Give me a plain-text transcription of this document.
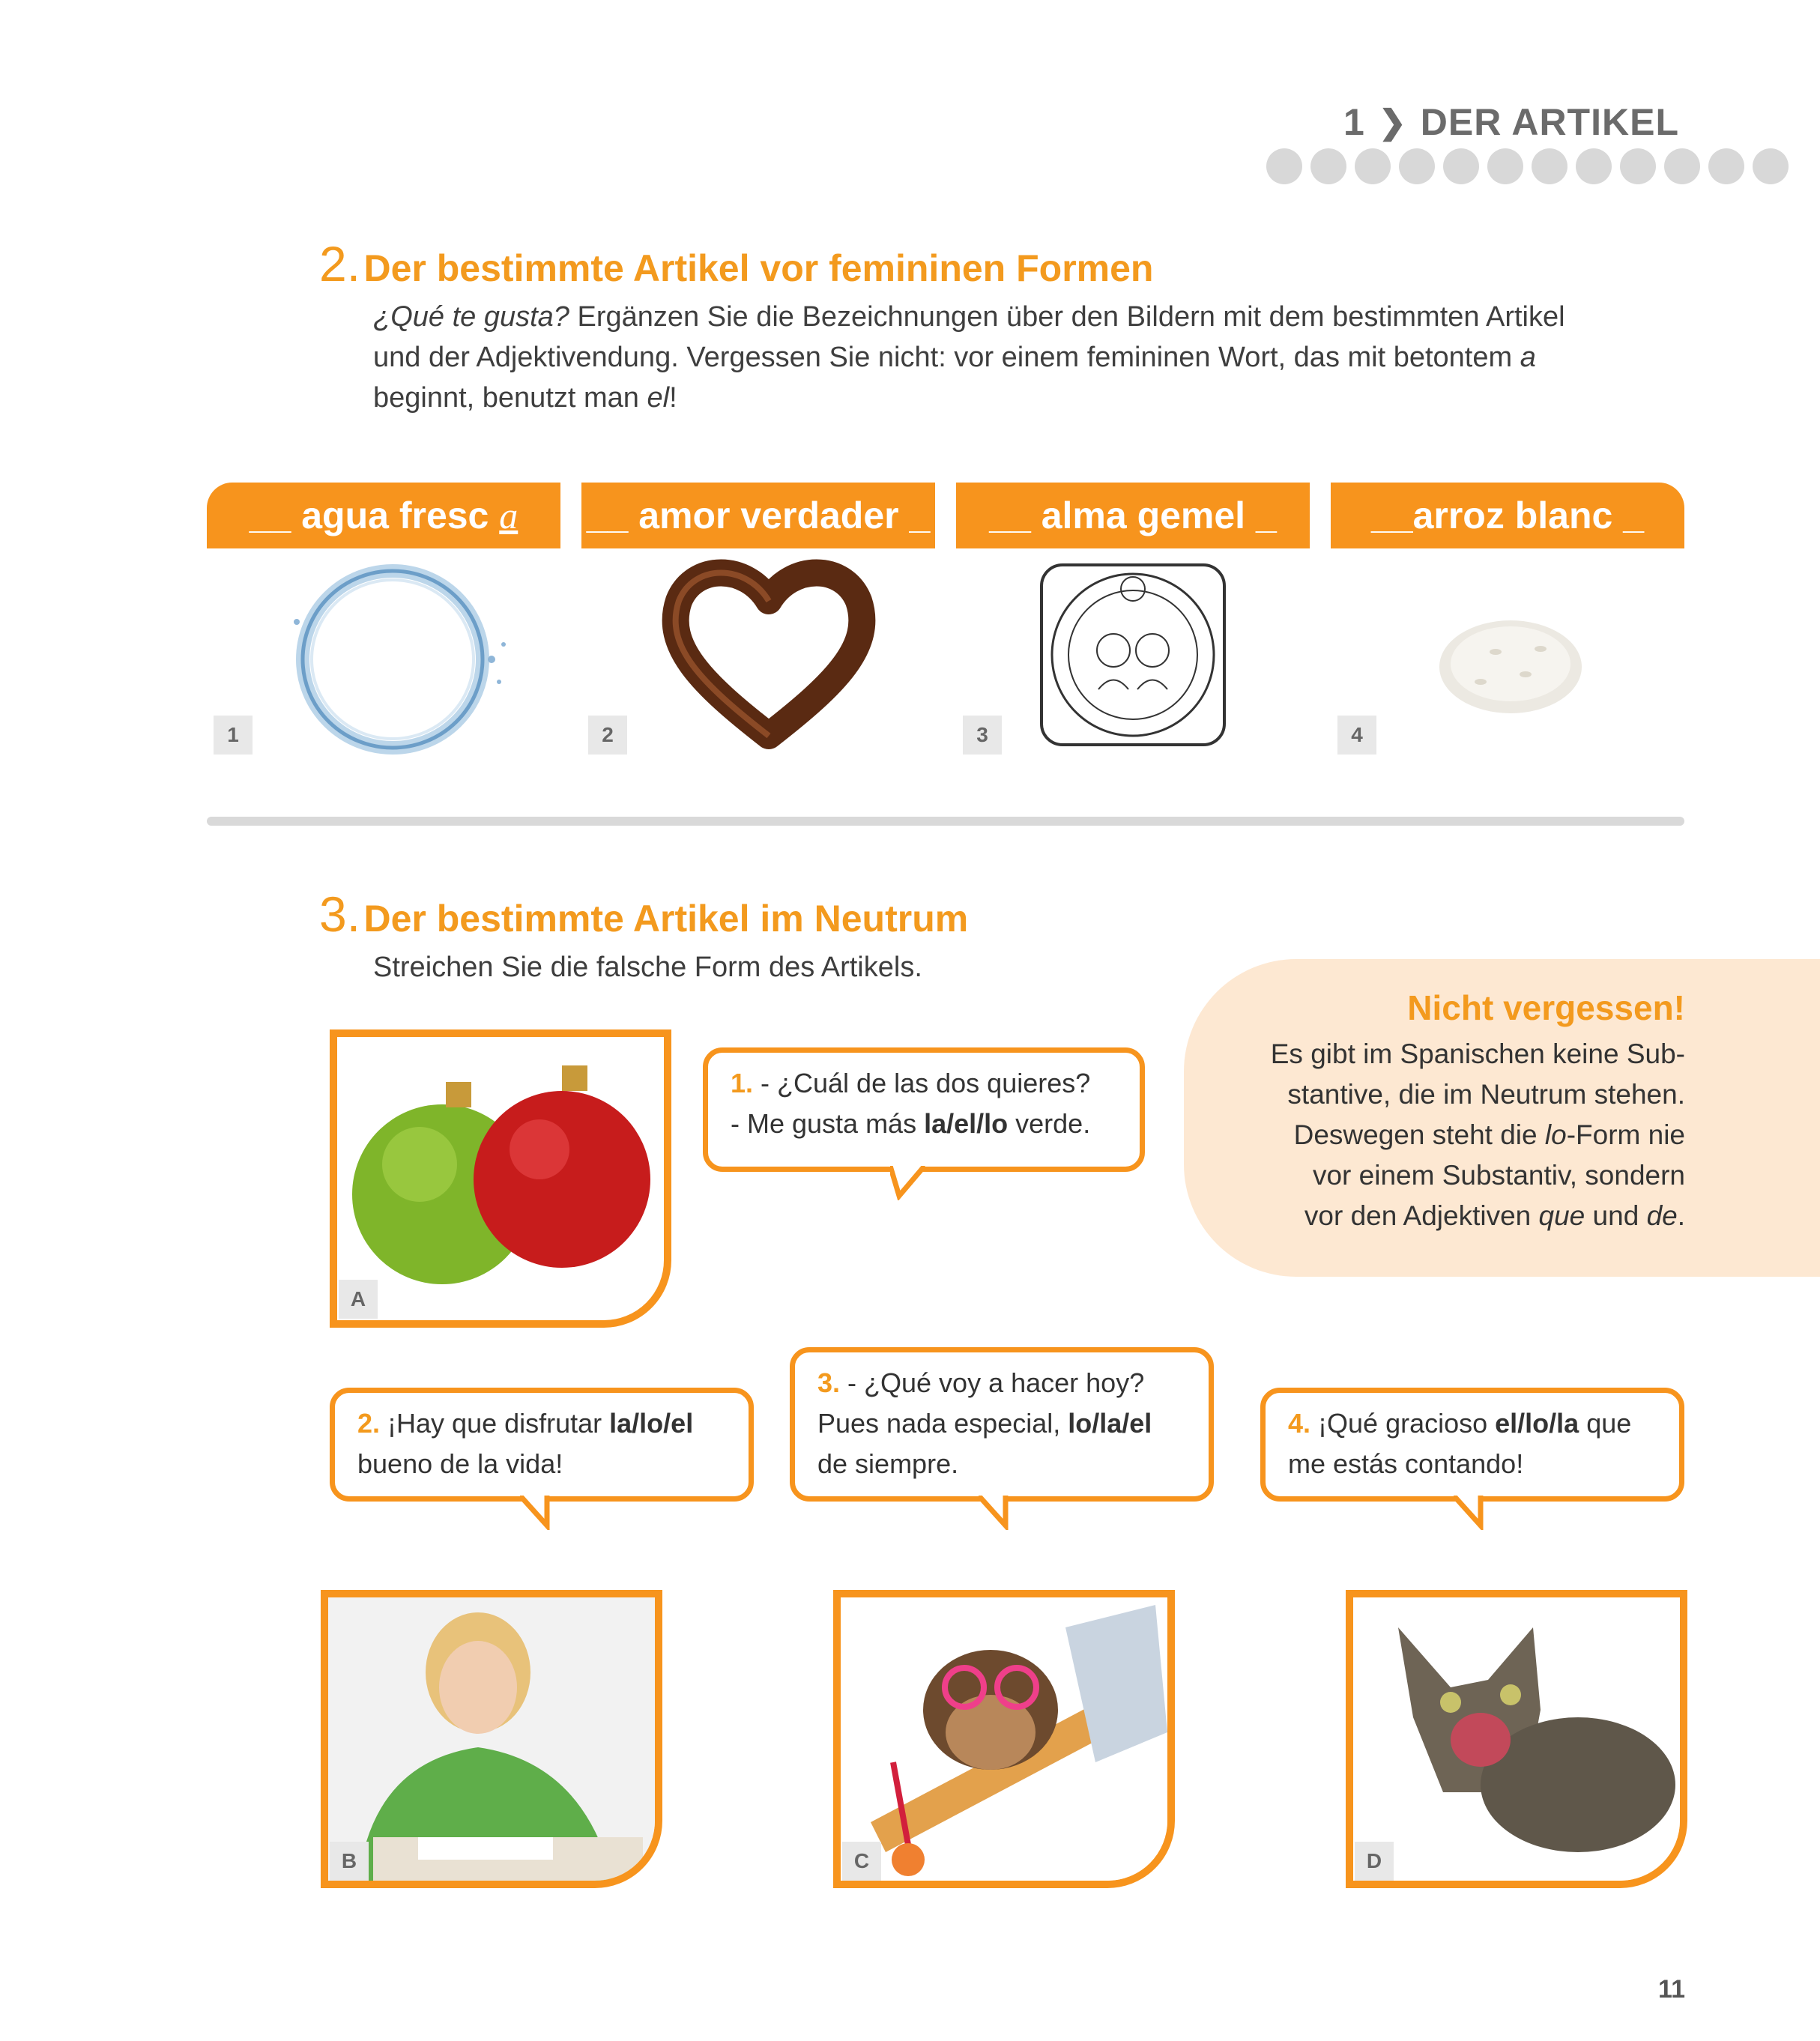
1 ❯ DER ARTIKEL
2. Der bestimmte Artikel vor femininen Formen
¿Qué te gusta? Ergänzen Sie die Bezeichnungen über den Bildern mit dem bestimmten Artikel
und der Adjektivendung. Vergessen Sie nicht: vor einem femininen Wort, das mit betontem a
beginnt, benutzt man el!
__ agua fresc a __ amor verdader _ __ alma gemel _	__arroz blanc _
1	2	3	4
3. Der bestimmte Artikel im Neutrum
Streichen Sie die falsche Form des Artikels.
Nicht vergessen!
Es gibt im Spanischen keine Sub-
stantive, die im Neutrum stehen.
Deswegen steht die lo-Form nie
vor einem Substantiv, sondern
vor den Adjektiven que und de.
A
1. - ¿Cuál de las dos quieres?
- Me gusta más la/el/lo verde.
2. ¡Hay que disfrutar la/lo/el
bueno de la vida!
3. - ¿Qué voy a hacer hoy?
Pues nada especial, lo/la/el
de siempre.
4. ¡Qué gracioso el/lo/la que
me estás contando!
B	C	D
11
